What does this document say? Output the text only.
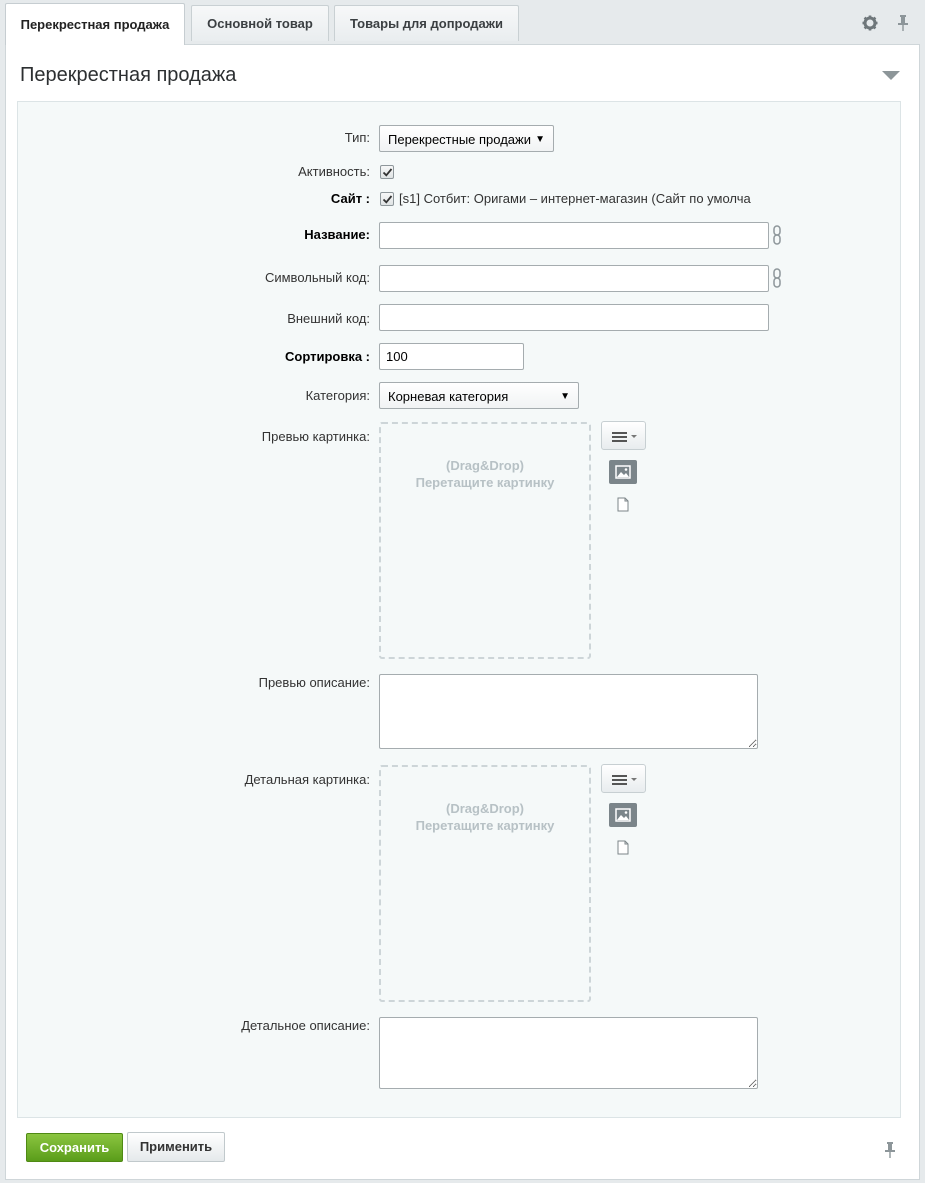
Перекрестная продажа	Основной товар	Товары для допродажи
Перекрестная продажа
Тип:	Перекрестные продажи ▼
Активность:
Сайт : [s1] Сотбит: Оригами – интернет-магазин (Сайт по умолча
Название:
Символьный код:
Внешний код:
Сортировка :
100
Категория:	Корневая категория	▼
Превью картинка:
(Drag&Drop)
Перетащите картинку
Превью описание:
Детальная картинка:
(Drag&Drop)
Перетащите картинку
Детальное описание:
Сохранить	Применить
